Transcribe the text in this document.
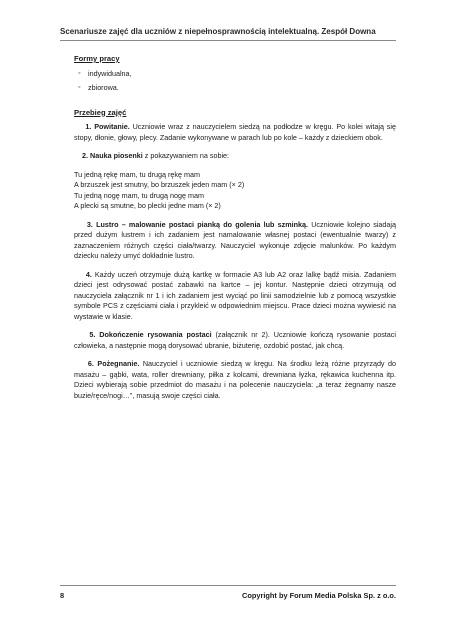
Scenariusze zajęć dla uczniów z niepełnosprawnością intelektualną. Zespół Downa
Formy pracy
◦ indywidualna,
◦ zbiorowa.
Przebieg zajęć

1. Powitanie. Uczniowie wraz z nauczycielem siedzą na podłodze w kręgu. Po kolei witają się stopy, dłonie, głowy, plecy. Zadanie wykonywane w parach lub po kole – każdy z dzieckiem obok.

2. Nauka piosenki z pokazywaniem na sobie:

Tu jedną rękę mam, tu drugą rękę mam
A brzuszek jest smutny, bo brzuszek jeden mam (× 2)
Tu jedną nogę mam, tu drugą nogę mam
A plecki są smutne, bo plecki jedne mam (× 2)

3. Lustro – malowanie postaci pianką do golenia lub szminką. Uczniowie kolejno siadają przed dużym lustrem i ich zadaniem jest namalowanie własnej postaci (ewentualnie twarzy) z zaznaczeniem różnych części ciała/twarzy. Nauczyciel wykonuje zdjęcie malunków. Po każdym dziecku należy umyć dokładnie lustro.

4. Każdy uczeń otrzymuje dużą kartkę w formacie A3 lub A2 oraz lalkę bądź misia. Zadaniem dzieci jest odrysować postać zabawki na kartce – jej kontur. Następnie dzieci otrzymują od nauczyciela załącznik nr 1 i ich zadaniem jest wyciąć po linii samodzielnie lub z pomocą wszystkie symbole PCS z częściami ciała i przykleić w odpowiednim miejscu. Prace dzieci można wywiesić na wystawie w klasie.

5. Dokończenie rysowania postaci (załącznik nr 2). Uczniowie kończą rysowanie postaci człowieka, a następnie mogą dorysować ubranie, biżuterię, ozdobić postać, jak chcą.

6. Pożegnanie. Nauczyciel i uczniowie siedzą w kręgu. Na środku leżą różne przyrządy do masażu – gąbki, wata, roller drewniany, piłka z kolcami, drewniana łyżka, rękawica kuchenna itp. Dzieci wybierają sobie przedmiot do masażu i na polecenie nauczyciela: „a teraz żegnamy nasze buzie/ręce/nogi…”, masują swoje części ciała.

8	Copyright by Forum Media Polska Sp. z o.o.
